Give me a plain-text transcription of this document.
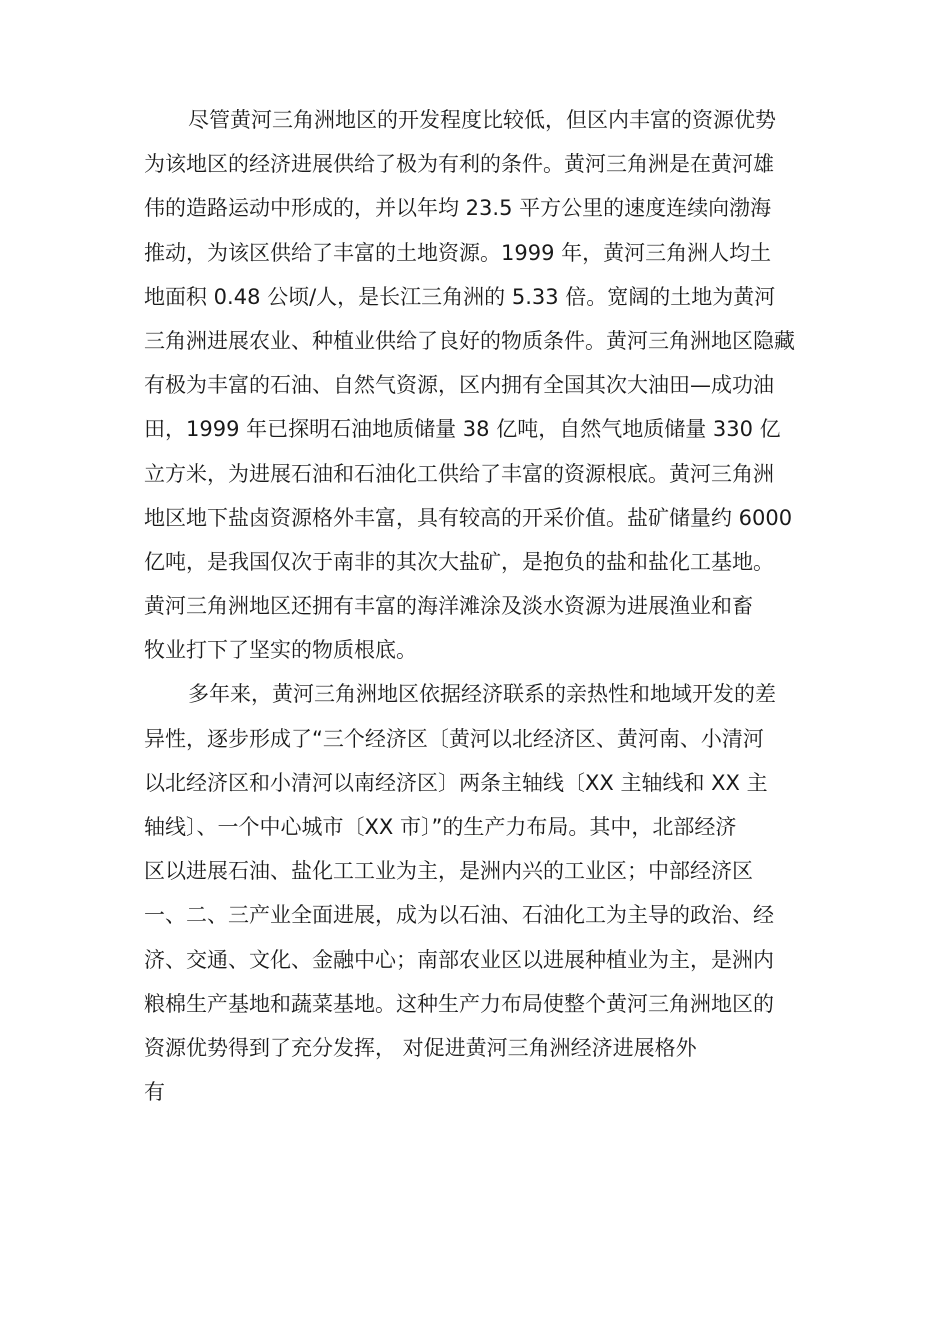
尽管黄河三角洲地区的开发程度比较低，但区内丰富的资源优势
为该地区的经济进展供给了极为有利的条件。黄河三角洲是在黄河雄
伟的造路运动中形成的，并以年均 23.5 平方公里的速度连续向渤海
推动，为该区供给了丰富的土地资源。1999 年，黄河三角洲人均土
地面积 0.48 公顷/人，是长江三角洲的 5.33 倍。宽阔的土地为黄河
三角洲进展农业、种植业供给了良好的物质条件。黄河三角洲地区隐藏
有极为丰富的石油、自然气资源，区内拥有全国其次大油田—成功油
田，1999 年已探明石油地质储量 38 亿吨，自然气地质储量 330 亿
立方米，为进展石油和石油化工供给了丰富的资源根底。黄河三角洲
地区地下盐卤资源格外丰富，具有较高的开采价值。盐矿储量约 6000
亿吨，是我国仅次于南非的其次大盐矿，是抱负的盐和盐化工基地。
黄河三角洲地区还拥有丰富的海洋滩涂及淡水资源为进展渔业和畜
牧业打下了坚实的物质根底。
多年来，黄河三角洲地区依据经济联系的亲热性和地域开发的差
异性，逐步形成了“三个经济区〔黄河以北经济区、黄河南、小清河
以北经济区和小清河以南经济区〕两条主轴线〔XX 主轴线和 XX 主
轴线〕、一个中心城市〔XX 市〕”的生产力布局。其中，北部经济
区以进展石油、盐化工工业为主，是洲内兴的工业区；中部经济区
一、二、三产业全面进展，成为以石油、石油化工为主导的政治、经
济、交通、文化、金融中心；南部农业区以进展种植业为主，是洲内
粮棉生产基地和蔬菜基地。这种生产力布局使整个黄河三角洲地区的
资源优势得到了充分发挥， 对促进黄河三角洲经济进展格外
有
